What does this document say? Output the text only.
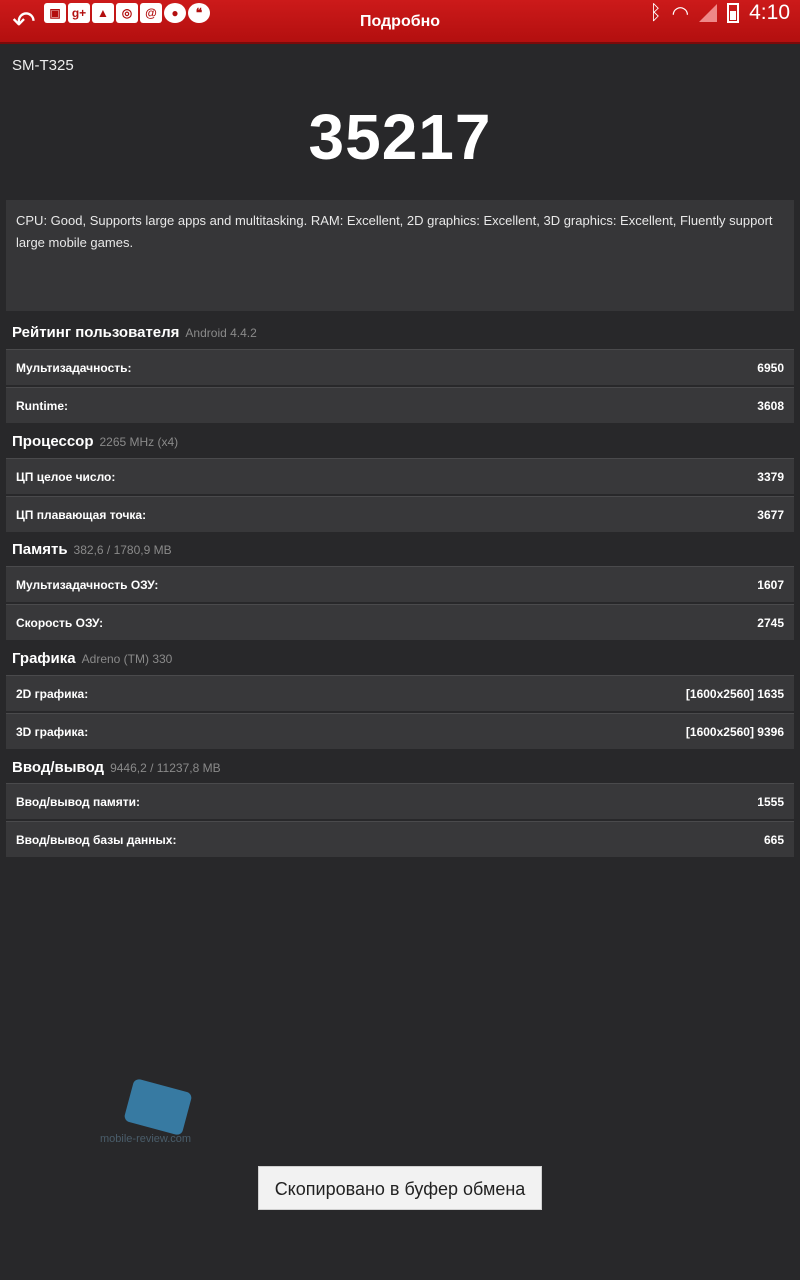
↶	▣ g+ ▲	◎	@	●	❝	Подробно	ᛒ ◠	4:10
SM-T325
35217
CPU: Good, Supports large apps and multitasking. RAM: Excellent, 2D graphics: Excellent, 3D graphics: Excellent, Fluently support large mobile games.
Рейтинг пользователя Android 4.4.2
Мультизадачность:	6950
Runtime:	3608
Процессор 2265 MHz (x4)
ЦП целое число:	3379
ЦП плавающая точка:	3677
Память 382,6 / 1780,9 MB
Мультизадачность ОЗУ:	1607
Скорость ОЗУ:	2745
Графика Adreno (TM) 330
2D графика:	[1600x2560] 1635
3D графика:	[1600x2560] 9396
Ввод/вывод 9446,2 / 11237,8 MB
Ввод/вывод памяти:	1555
Ввод/вывод базы данных:	665
mobile-review.com
Скопировано в буфер обмена
